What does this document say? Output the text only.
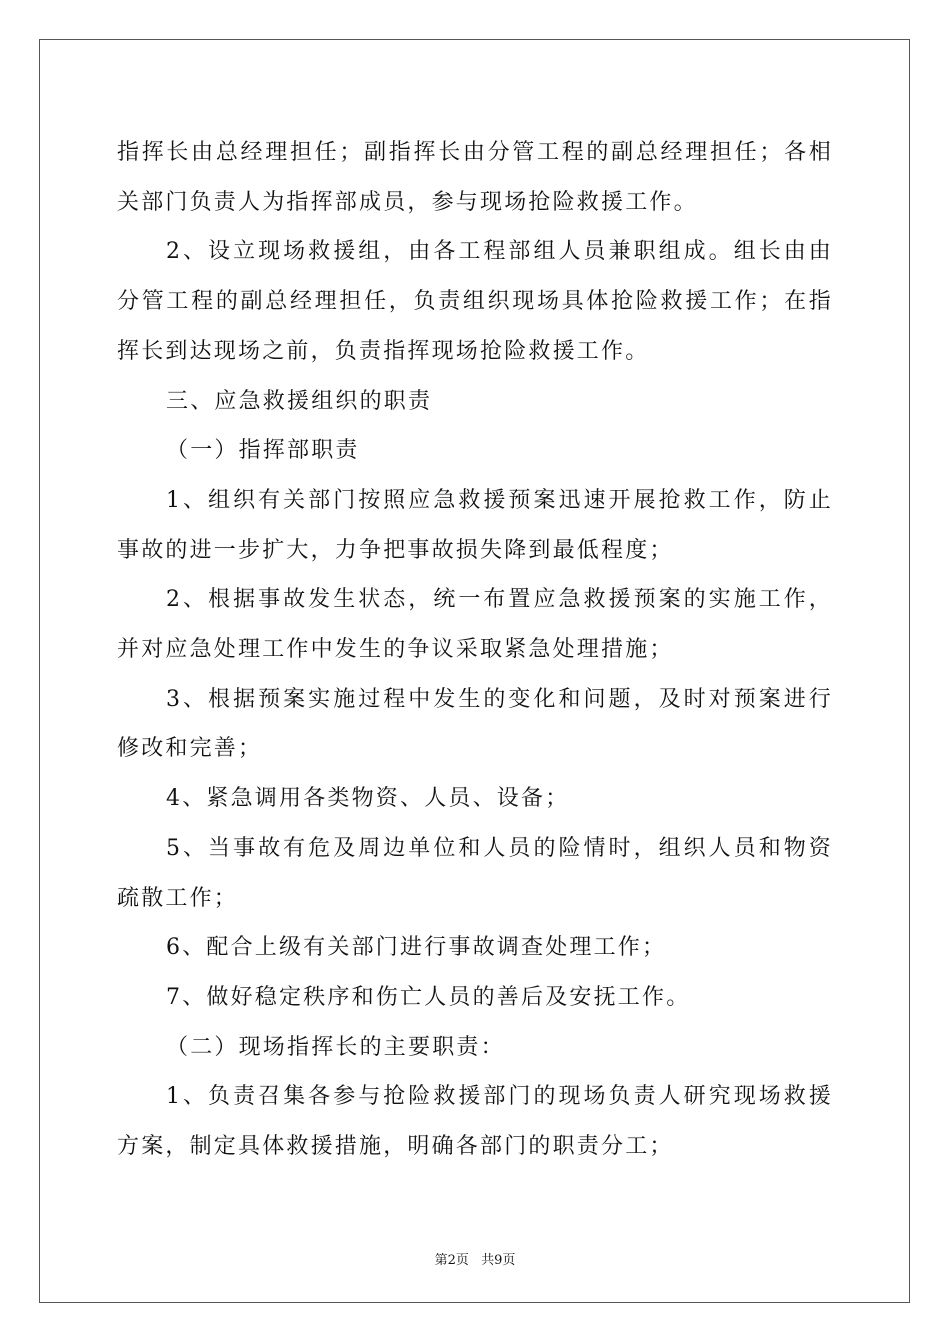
指挥长由总经理担任；副指挥长由分管工程的副总经理担任；各相关部门负责人为指挥部成员，参与现场抢险救援工作。

2、设立现场救援组，由各工程部组人员兼职组成。组长由由分管工程的副总经理担任，负责组织现场具体抢险救援工作；在指挥长到达现场之前，负责指挥现场抢险救援工作。

三、应急救援组织的职责

（一）指挥部职责

1、组织有关部门按照应急救援预案迅速开展抢救工作，防止事故的进一步扩大，力争把事故损失降到最低程度；

2、根据事故发生状态，统一布置应急救援预案的实施工作，并对应急处理工作中发生的争议采取紧急处理措施；

3、根据预案实施过程中发生的变化和问题，及时对预案进行修改和完善；

4、紧急调用各类物资、人员、设备；

5、当事故有危及周边单位和人员的险情时，组织人员和物资疏散工作；

6、配合上级有关部门进行事故调查处理工作；

7、做好稳定秩序和伤亡人员的善后及安抚工作。

（二）现场指挥长的主要职责：

1、负责召集各参与抢险救援部门的现场负责人研究现场救援方案，制定具体救援措施，明确各部门的职责分工；

第2页 共9页
